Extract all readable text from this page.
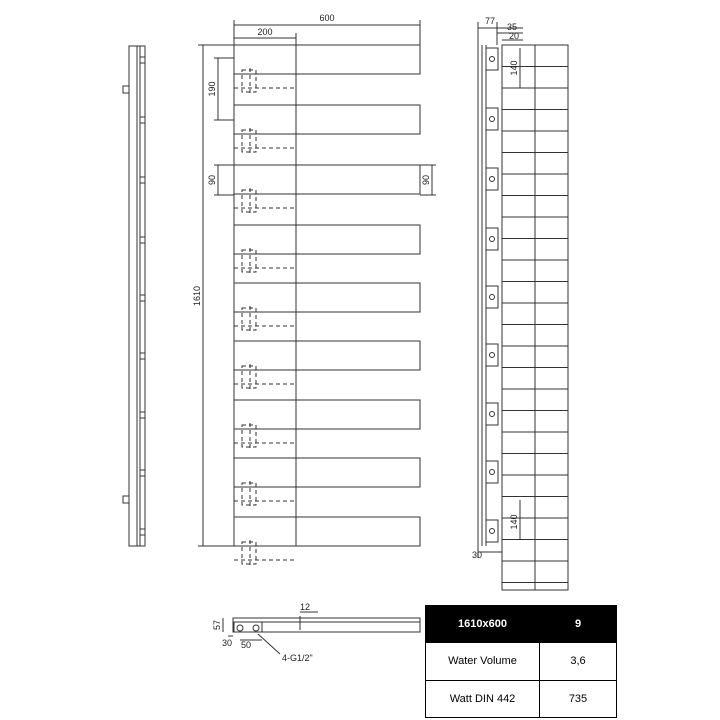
600
200
1610
190
90	90
77
35
20
140
140
30
12
57
30 50
4-G1/2"
1610x600	9
Water Volume	3,6
Watt DIN 442	735
